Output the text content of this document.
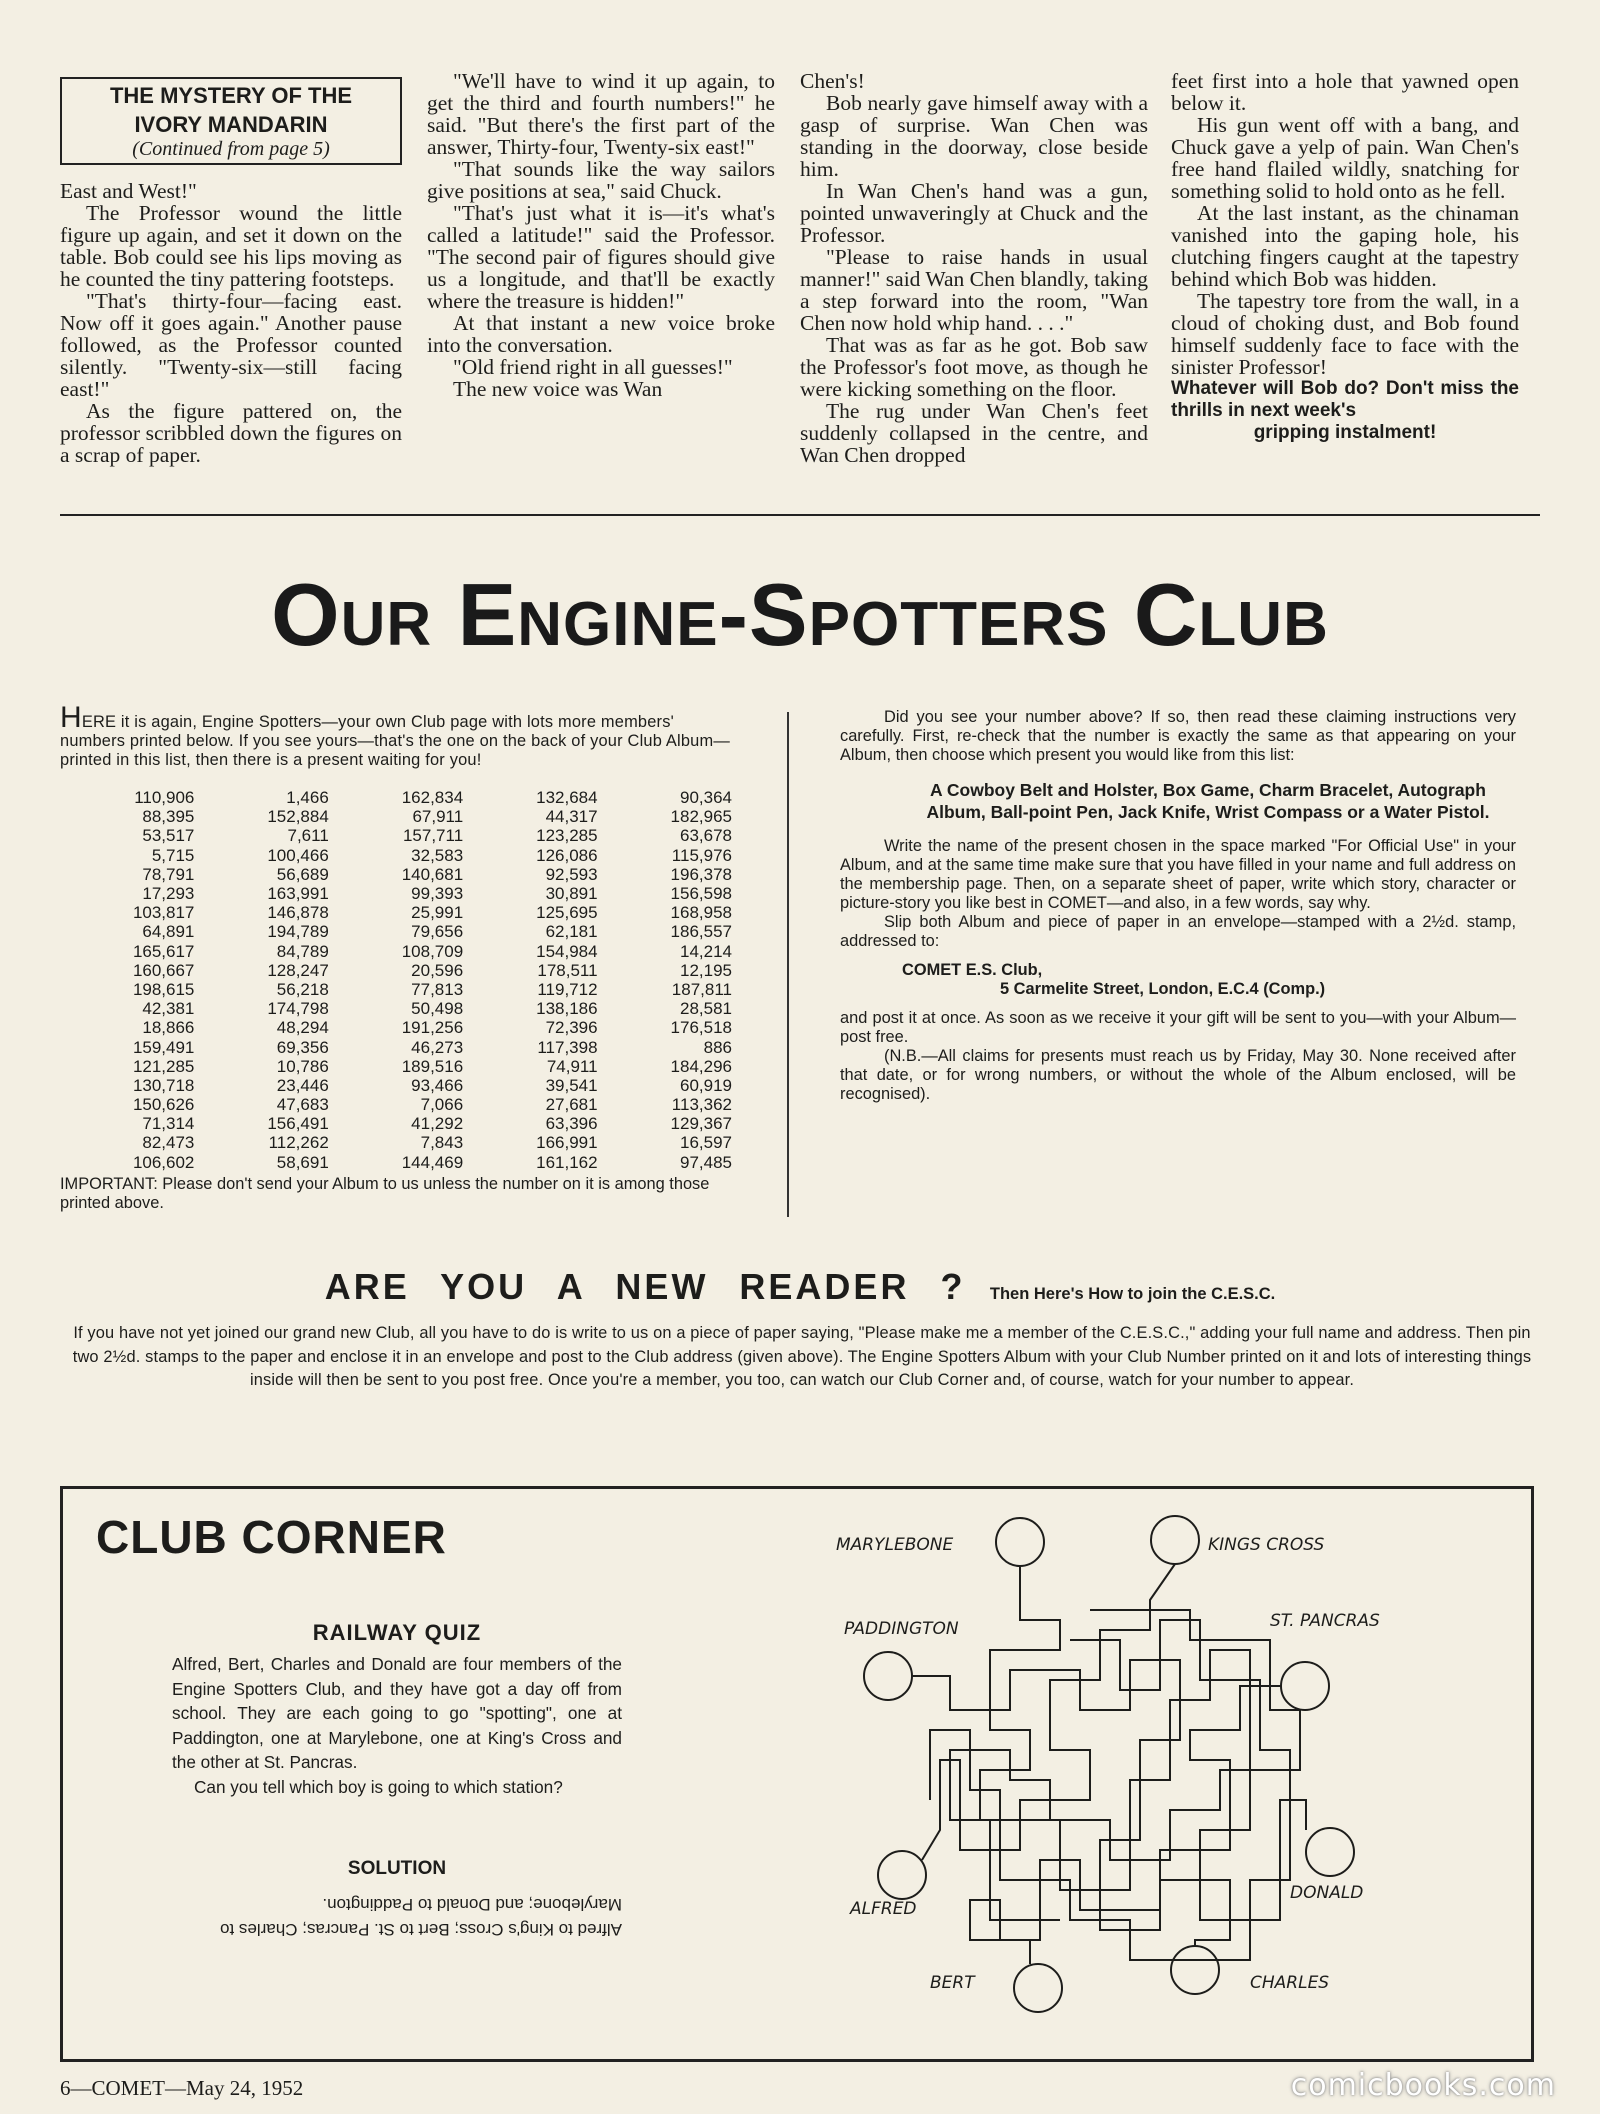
THE MYSTERY OF THE
IVORY MANDARIN
(Continued from page 5)

East and West!"

The Professor wound the little figure up again, and set it down on the table. Bob could see his lips moving as he counted the tiny pattering footsteps.

"That's thirty-four—facing east. Now off it goes again." Another pause followed, as the Professor counted silently. "Twenty-six—still facing east!"

As the figure pattered on, the professor scribbled down the figures on a scrap of paper.

"We'll have to wind it up again, to get the third and fourth numbers!" he said. "But there's the first part of the answer, Thirty-four, Twenty-six east!"

"That sounds like the way sailors give positions at sea," said Chuck.

"That's just what it is—it's what's called a latitude!" said the Professor. "The second pair of figures should give us a longitude, and that'll be exactly where the treasure is hidden!"

At that instant a new voice broke into the conversation.

"Old friend right in all guesses!"

The new voice was Wan

Chen's!

Bob nearly gave himself away with a gasp of surprise. Wan Chen was standing in the doorway, close beside him.

In Wan Chen's hand was a gun, pointed unwaveringly at Chuck and the Professor.

"Please to raise hands in usual manner!" said Wan Chen blandly, taking a step forward into the room, "Wan Chen now hold whip hand. . . ."

That was as far as he got. Bob saw the Professor's foot move, as though he were kicking something on the floor.

The rug under Wan Chen's feet suddenly collapsed in the centre, and Wan Chen dropped

feet first into a hole that yawned open below it.

His gun went off with a bang, and Chuck gave a yelp of pain. Wan Chen's free hand flailed wildly, snatching for something solid to hold onto as he fell.

At the last instant, as the chinaman vanished into the gaping hole, his clutching fingers caught at the tapestry behind which Bob was hidden.

The tapestry tore from the wall, in a cloud of choking dust, and Bob found himself suddenly face to face with the sinister Professor!

Whatever will Bob do? Don't miss the thrills in next week's

gripping instalment!

Our Engine-Spotters Club
HERE it is again, Engine Spotters—your own Club page with lots more members' numbers printed below. If you see yours—that's the one on the back of your Club Album—printed in this list, then there is a present waiting for you!
110,906	1,466	162,834	132,684	90,364
88,395	152,884	67,911	44,317	182,965
53,517	7,611	157,711	123,285	63,678
5,715	100,466	32,583	126,086	115,976
78,791	56,689	140,681	92,593	196,378
17,293	163,991	99,393	30,891	156,598
103,817	146,878	25,991	125,695	168,958
64,891	194,789	79,656	62,181	186,557
165,617	84,789	108,709	154,984	14,214
160,667	128,247	20,596	178,511	12,195
198,615	56,218	77,813	119,712	187,811
42,381	174,798	50,498	138,186	28,581
18,866	48,294	191,256	72,396	176,518
159,491	69,356	46,273	117,398	886
121,285	10,786	189,516	74,911	184,296
130,718	23,446	93,466	39,541	60,919
150,626	47,683	7,066	27,681	113,362
71,314	156,491	41,292	63,396	129,367
82,473	112,262	7,843	166,991	16,597
106,602	58,691	144,469	161,162	97,485
IMPORTANT: Please don't send your Album to us unless the number on it is among those printed above.

Did you see your number above? If so, then read these claiming instructions very carefully. First, re-check that the number is exactly the same as that appearing on your Album, then choose which present you would like from this list:

A Cowboy Belt and Holster, Box Game, Charm Bracelet, Autograph Album, Ball-point Pen, Jack Knife, Wrist Compass or a Water Pistol.

Write the name of the present chosen in the space marked "For Official Use" in your Album, and at the same time make sure that you have filled in your name and full address on the membership page. Then, on a separate sheet of paper, write which story, character or picture-story you like best in COMET—and also, in a few words, say why.

Slip both Album and piece of paper in an envelope—stamped with a 2½d. stamp, addressed to:

COMET E.S. Club,

5 Carmelite Street, London, E.C.4 (Comp.)

and post it at once. As soon as we receive it your gift will be sent to you—with your Album—post free.

(N.B.—All claims for presents must reach us by Friday, May 30. None received after that date, or for wrong numbers, or without the whole of the Album enclosed, will be recognised).

ARE YOU A NEW READER ? Then Here's How to join the C.E.S.C.
If you have not yet joined our grand new Club, all you have to do is write to us on a piece of paper saying, "Please make me a member of the C.E.S.C.," adding your full name and address. Then pin two 2½d. stamps to the paper and enclose it in an envelope and post to the Club address (given above). The Engine Spotters Album with your Club Number printed on it and lots of interesting things inside will then be sent to you post free. Once you're a member, you too, can watch our Club Corner and, of course, watch for your number to appear.
CLUB CORNER
RAILWAY QUIZ

Alfred, Bert, Charles and Donald are four members of the Engine Spotters Club, and they have got a day off from school. They are each going to go "spotting", one at Paddington, one at Marylebone, one at King's Cross and the other at St. Pancras.

Can you tell which boy is going to which station?

SOLUTION
Alfred to King's Cross; Bert to St. Pancras; Charles to Marylebone; and Donald to Paddington.
MARYLEBONE	KINGS CROSS
PADDINGTON	ST. PANCRAS
ALFRED
DONALD
BERT	CHARLES
6—COMET—May 24, 1952	comicbooks.com
